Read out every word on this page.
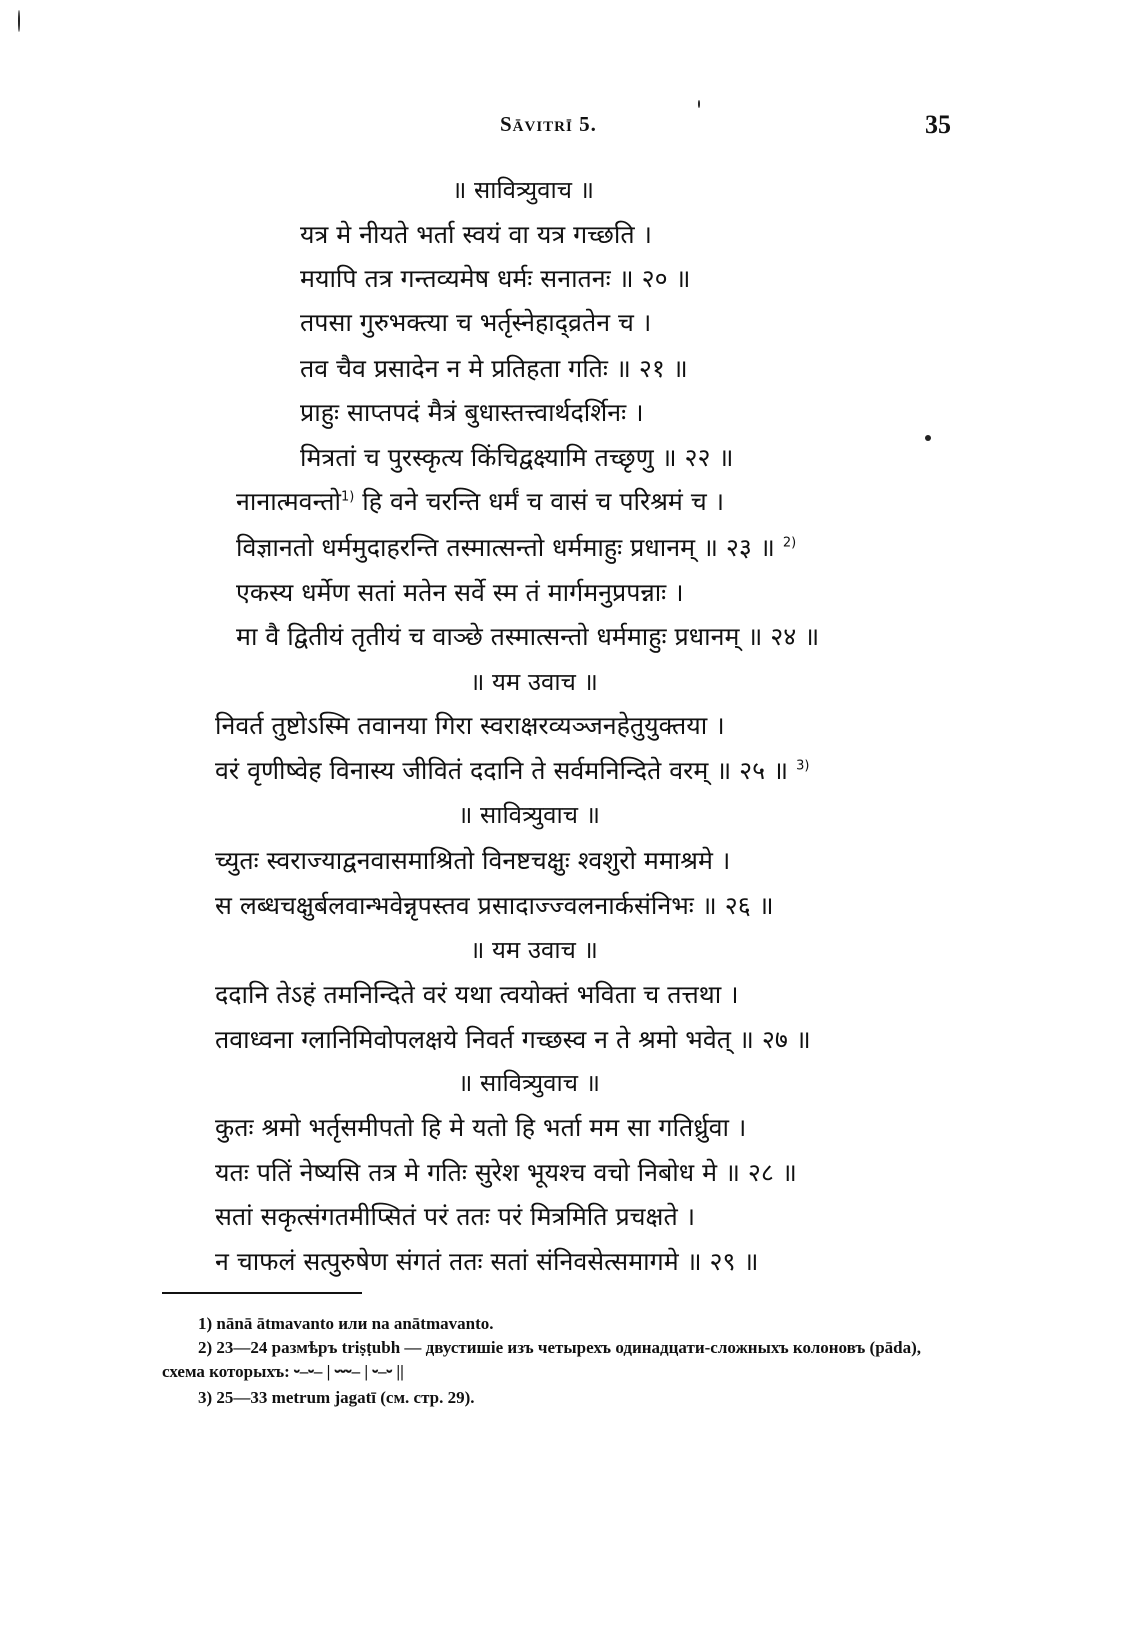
Sāvitrī 5.	35
॥ सावित्र्युवाच ॥
यत्र मे नीयते भर्ता स्वयं वा यत्र गच्छति ।
मयापि तत्र गन्तव्यमेष धर्मः सनातनः ॥ २० ॥
तपसा गुरुभक्त्या च भर्तृस्नेहाद्व्रतेन च ।
तव चैव प्रसादेन न मे प्रतिहता गतिः ॥ २१ ॥
प्राहुः साप्तपदं मैत्रं बुधास्तत्त्वार्थदर्शिनः ।
मित्रतां च पुरस्कृत्य किंचिद्वक्ष्यामि तच्छृणु ॥ २२ ॥
नानात्मवन्तो$^{1)}$ हि वने चरन्ति धर्मं च वासं च परिश्रमं च ।
विज्ञानतो धर्ममुदाहरन्ति तस्मात्सन्तो धर्ममाहुः प्रधानम् ॥ २३ ॥ $^{2)}$
एकस्य धर्मेण सतां मतेन सर्वे स्म तं मार्गमनुप्रपन्नाः ।
मा वै द्वितीयं तृतीयं च वाञ्छे तस्मात्सन्तो धर्ममाहुः प्रधानम् ॥ २४ ॥
॥ यम उवाच ॥
निवर्त तुष्टोऽस्मि तवानया गिरा स्वराक्षरव्यञ्जनहेतुयुक्तया ।
वरं वृणीष्वेह विनास्य जीवितं ददानि ते सर्वमनिन्दिते वरम् ॥ २५ ॥ $^{3)}$
॥ सावित्र्युवाच ॥
च्युतः स्वराज्याद्वनवासमाश्रितो विनष्टचक्षुः श्वशुरो ममाश्रमे ।
स लब्धचक्षुर्बलवान्भवेन्नृपस्तव प्रसादाज्ज्वलनार्कसंनिभः ॥ २६ ॥
॥ यम उवाच ॥
ददानि तेऽहं तमनिन्दिते वरं यथा त्वयोक्तं भविता च तत्तथा ।
तवाध्वना ग्लानिमिवोपलक्षये निवर्त गच्छस्व न ते श्रमो भवेत् ॥ २७ ॥
॥ सावित्र्युवाच ॥
कुतः श्रमो भर्तृसमीपतो हि मे यतो हि भर्ता मम सा गतिर्ध्रुवा ।
यतः पतिं नेष्यसि तत्र मे गतिः सुरेश भूयश्च वचो निबोध मे ॥ २८ ॥
सतां सकृत्संगतमीप्सितं परं ततः परं मित्रमिति प्रचक्षते ।
न चाफलं सत्पुरुषेण संगतं ततः सतां संनिवसेत्समागमे ॥ २९ ॥
1) nānā ātmavanto или na anātmavanto.
2) 23—24 размѣръ triṣṭubh — двустишіе изъ четырехъ одинадцати-сложныхъ колоновъ (pāda), схема которыхъ: ⏑–⏑– | ⏑⏑⏑– | ⏑–⏑ ||
3) 25—33 metrum jagatī (см. стр. 29).
